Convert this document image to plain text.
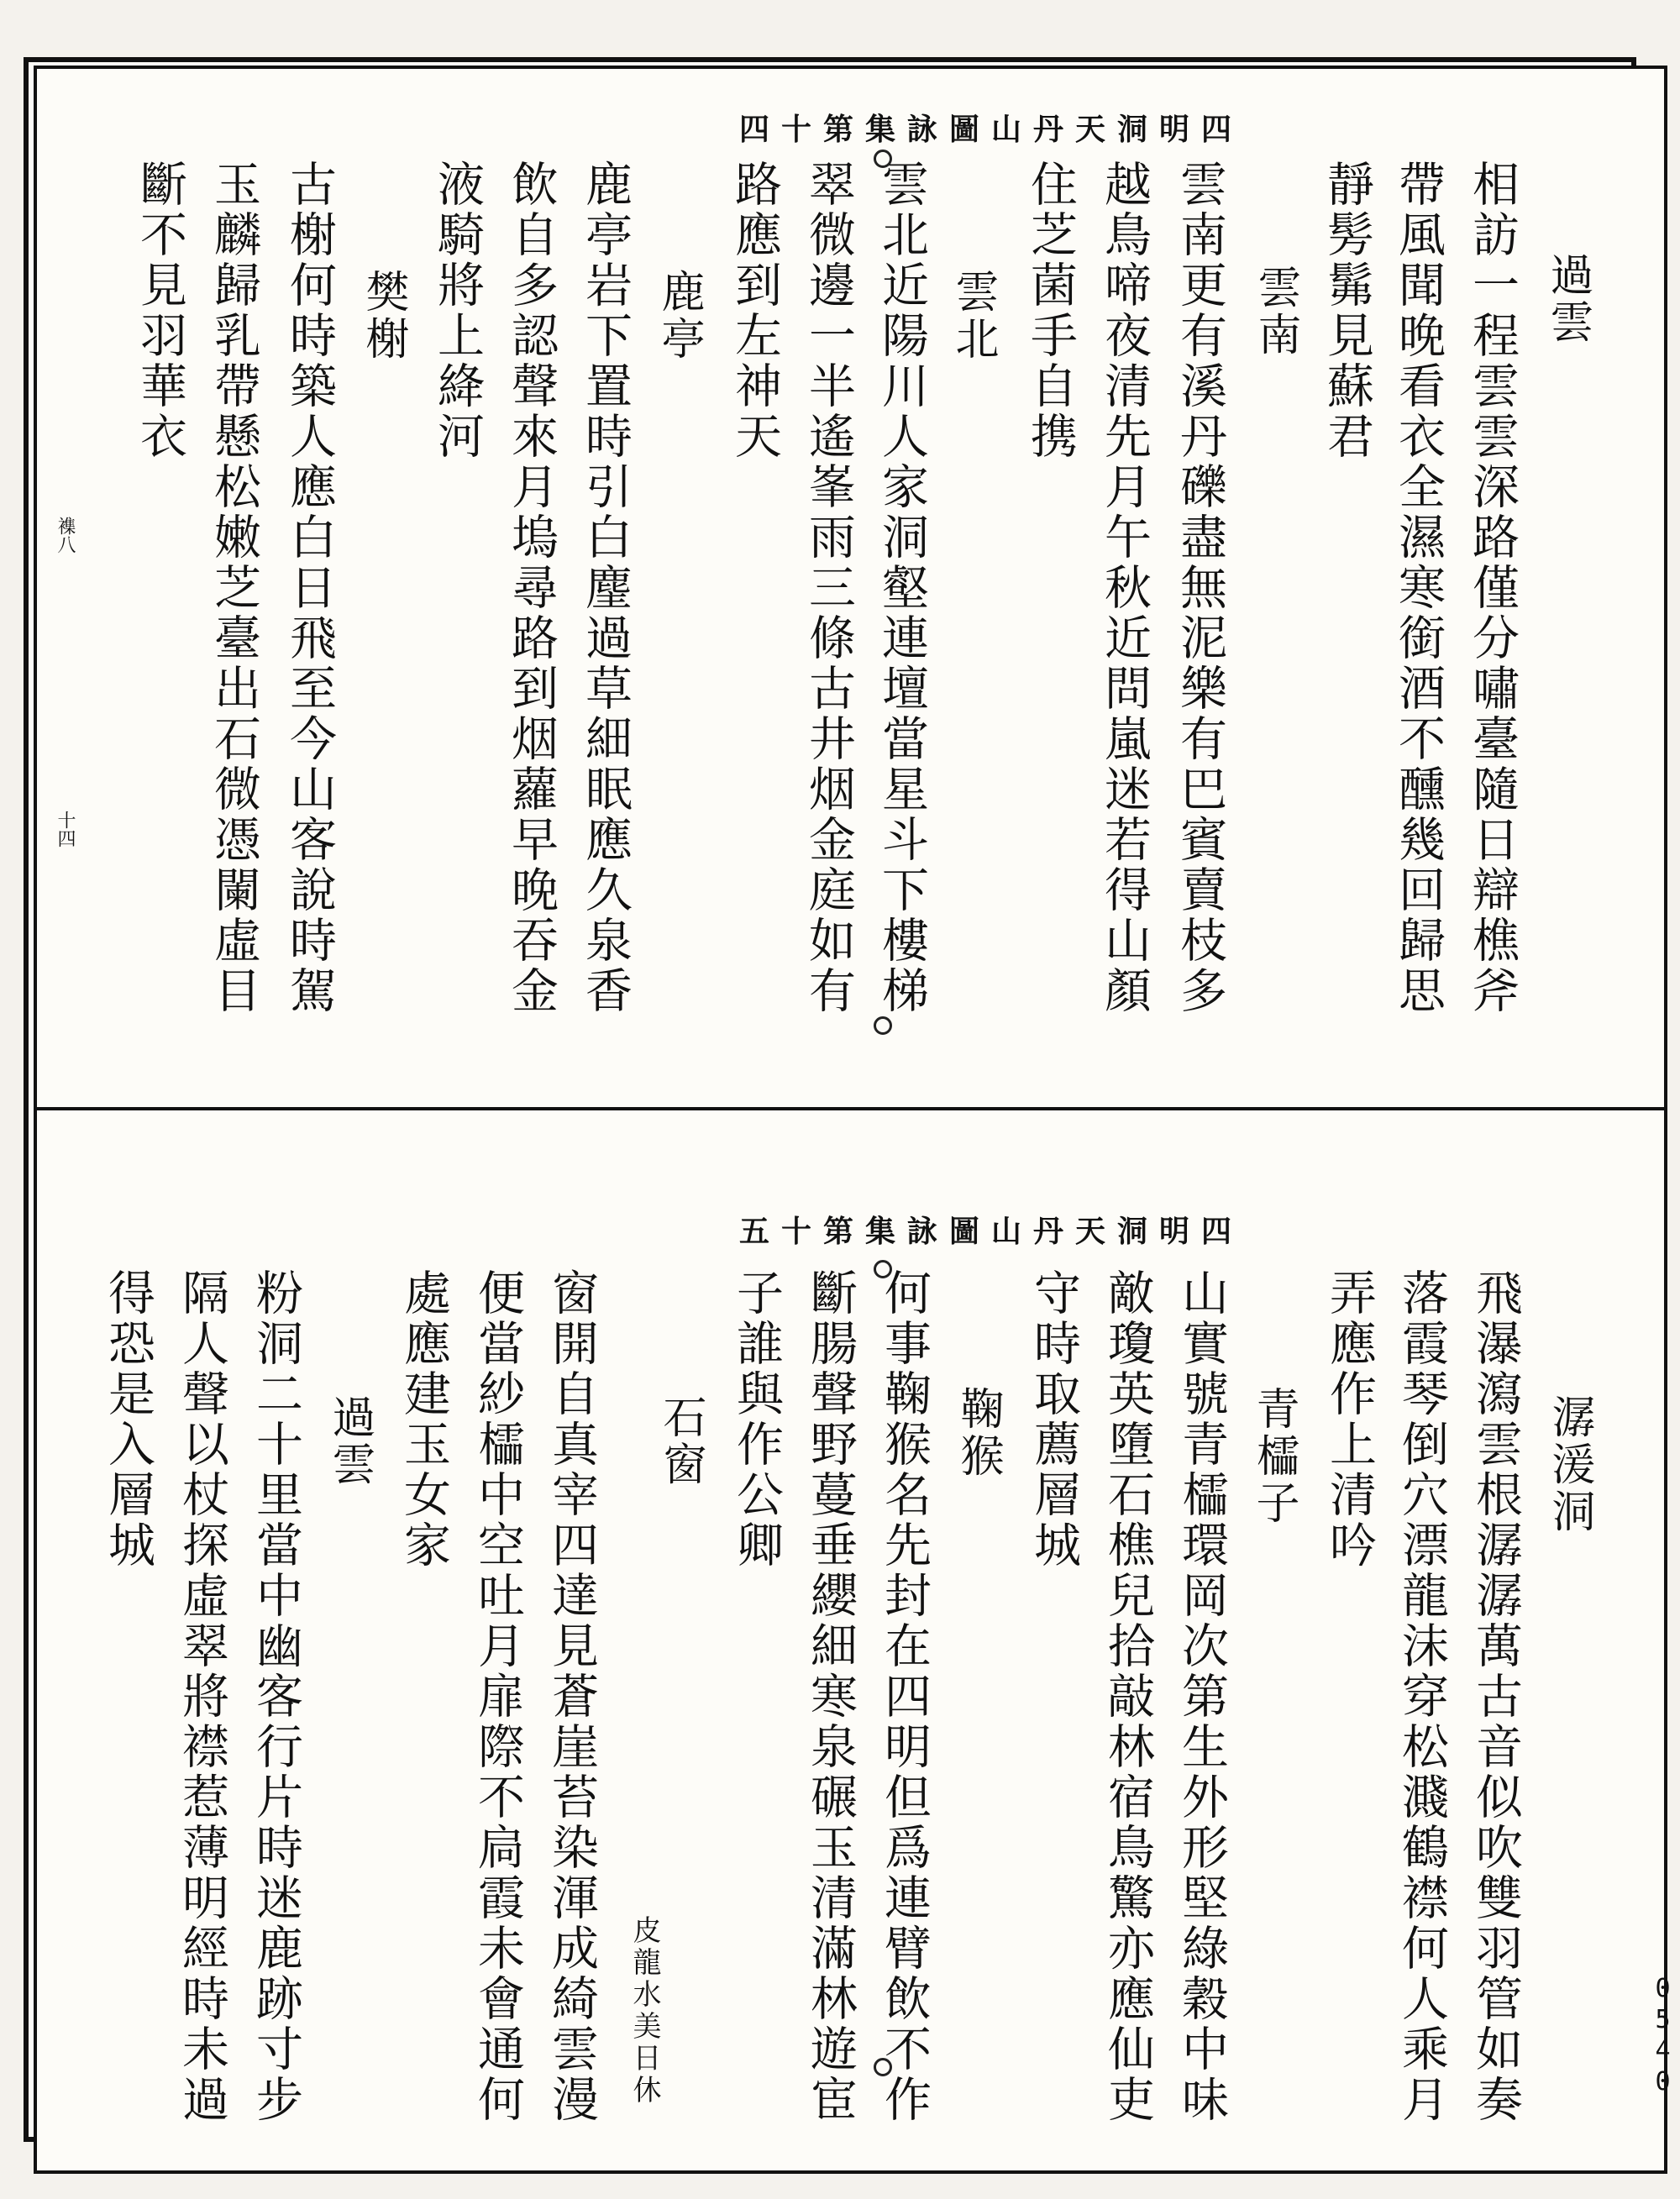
四明洞天丹山圖詠集第十四
過雲
相訪一程雲雲深路僅分嘯臺隨日辯樵斧
帶風聞晚看衣全濕寒銜酒不醺幾回歸思
靜髣髴見蘇君
雲南
雲南更有溪丹礫盡無泥樂有巴賓賣枝多
越鳥啼夜清先月午秋近問嵐迷若得山顏
住芝菌手自携
雲北
雲北近陽川人家洞壑連壇當星斗下樓梯
翠微邊一半遙峯雨三條古井烟金庭如有
路應到左神天
鹿亭
鹿亭岩下置時引白麈過草細眠應久泉香
飲自多認聲來月塢尋路到烟蘿早晚吞金
液騎將上絳河
樊榭
古榭何時築人應白日飛至今山客說時駕
玉麟歸乳帶懸松嫩芝臺出石微憑闌虛目
斷不見羽華衣
襍八
十四
四明洞天丹山圖詠集第十五
潺湲洞
飛瀑瀉雲根潺潺萬古音似吹雙羽管如奏
落霞琴倒穴漂龍沫穿松濺鶴襟何人乘月
弄應作上清吟
青櫺子
山實號青櫺環岡次第生外形堅綠穀中味
敵瓊英墮石樵兒拾敲林宿鳥驚亦應仙吏
守時取薦層城
鞠猴
何事鞠猴名先封在四明但爲連臂飲不作
斷腸聲野蔓垂纓細寒泉碾玉清滿林遊宦
子誰與作公卿
石窗
皮龍水美日休
窗開自真宰四達見蒼崖苔染渾成綺雲漫
便當紗櫺中空吐月扉際不扃霞未會通何
處應建玉女家
過雲
粉洞二十里當中幽客行片時迷鹿跡寸步
隔人聲以杖探虛翠將襟惹薄明經時未過
得恐是入層城
0540
